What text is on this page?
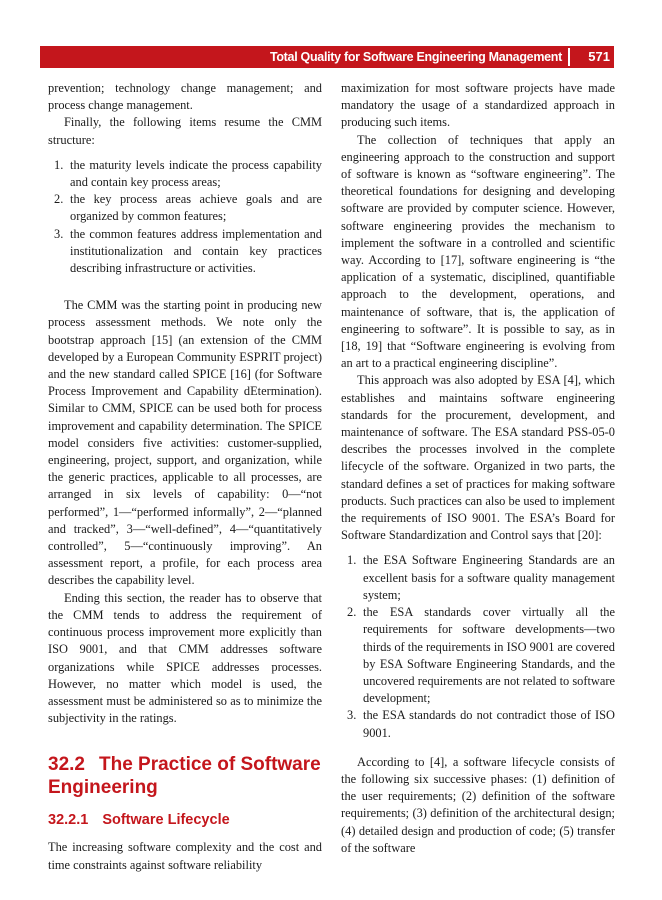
Total Quality for Software Engineering Management 571

prevention; technology change management; and process change management.

Finally, the following items resume the CMM structure:

1. the maturity levels indicate the process capability and contain key process areas;
2. the key process areas achieve goals and are organized by common features;
3. the common features address implementation and institutionalization and contain key practices describing infrastructure or activities.

The CMM was the starting point in producing new process assessment methods. We note only the bootstrap approach [15] (an extension of the CMM developed by a European Community ESPRIT project) and the new standard called SPICE [16] (for Software Process Improvement and Capability dEtermination). Similar to CMM, SPICE can be used both for process improvement and capability determination. The SPICE model considers five activities: customer-supplied, engineering, project, support, and organization, while the generic practices, applicable to all processes, are arranged in six levels of capability: 0—“not performed”, 1—“performed informally”, 2—“planned and tracked”, 3—“well-defined”, 4—“quantitatively controlled”, 5—“continuously improving”. An assessment report, a profile, for each process area describes the capability level.

Ending this section, the reader has to observe that the CMM tends to address the requirement of continuous process improvement more explicitly than ISO 9001, and that CMM addresses software organizations while SPICE addresses processes. However, no matter which model is used, the assessment must be administered so as to minimize the subjectivity in the ratings.

32.2 The Practice of Software Engineering
32.2.1 Software Lifecycle

The increasing software complexity and the cost and time constraints against software reliability

maximization for most software projects have made mandatory the usage of a standardized approach in producing such items.

The collection of techniques that apply an engineering approach to the construction and support of software is known as “software engineering”. The theoretical foundations for designing and developing software are provided by computer science. However, software engineering provides the mechanism to implement the software in a controlled and scientific way. According to [17], software engineering is “the application of a systematic, disciplined, quantifiable approach to the development, operations, and maintenance of software, that is, the application of engineering to software”. It is possible to say, as in [18, 19] that “Software engineering is evolving from an art to a practical engineering discipline”.

This approach was also adopted by ESA [4], which establishes and maintains software engineering standards for the procurement, development, and maintenance of software. The ESA standard PSS-05-0 describes the processes involved in the complete lifecycle of the software. Organized in two parts, the standard defines a set of practices for making software products. Such practices can also be used to implement the requirements of ISO 9001. The ESA’s Board for Software Standardization and Control says that [20]:

1. the ESA Software Engineering Standards are an excellent basis for a software quality management system;
2. the ESA standards cover virtually all the requirements for software developments—two thirds of the requirements in ISO 9001 are covered by ESA Software Engineering Standards, and the uncovered requirements are not related to software development;
3. the ESA standards do not contradict those of ISO 9001.

According to [4], a software lifecycle consists of the following six successive phases: (1) definition of the user requirements; (2) definition of the software requirements; (3) definition of the architectural design; (4) detailed design and production of code; (5) transfer of the software
